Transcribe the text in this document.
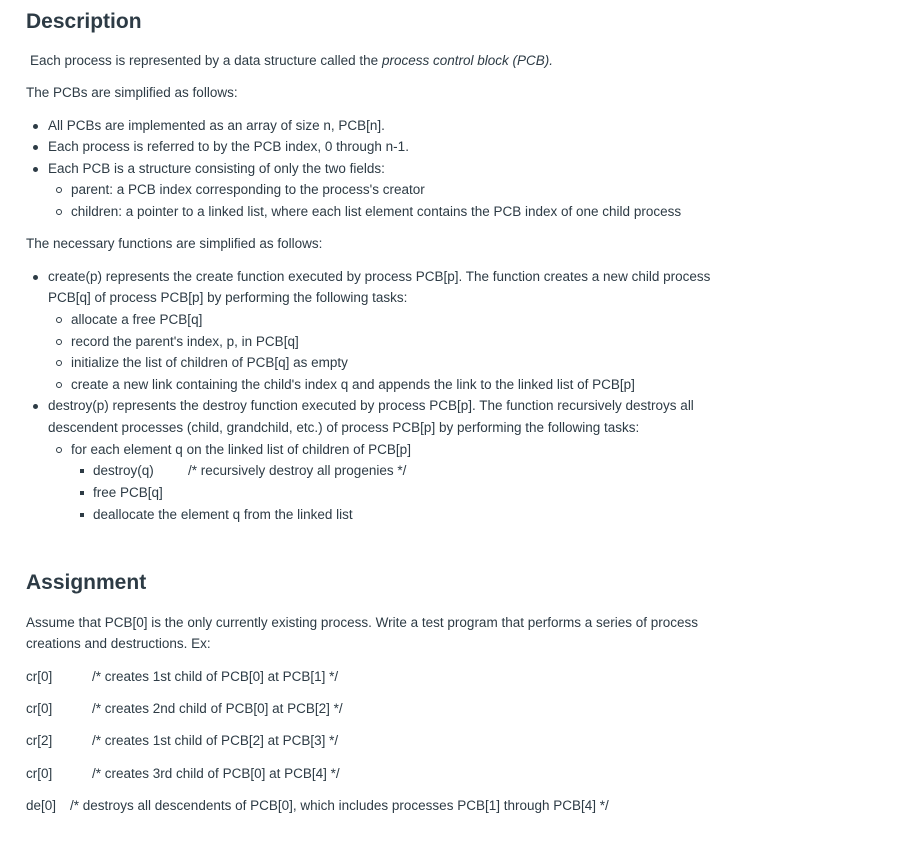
Description
Each process is represented by a data structure called the process control block (PCB).
The PCBs are simplified as follows:
All PCBs are implemented as an array of size n, PCB[n].
Each process is referred to by the PCB index, 0 through n-1.
Each PCB is a structure consisting of only the two fields:
parent: a PCB index corresponding to the process's creator
children: a pointer to a linked list, where each list element contains the PCB index of one child process
The necessary functions are simplified as follows:
create(p) represents the create function executed by process PCB[p]. The function creates a new child process
PCB[q] of process PCB[p] by performing the following tasks:
allocate a free PCB[q]
record the parent's index, p, in PCB[q]
initialize the list of children of PCB[q] as empty
create a new link containing the child's index q and appends the link to the linked list of PCB[p]
destroy(p) represents the destroy function executed by process PCB[p]. The function recursively destroys all
descendent processes (child, grandchild, etc.) of process PCB[p] by performing the following tasks:
for each element q on the linked list of children of PCB[p]
destroy(q)	/* recursively destroy all progenies */
free PCB[q]
deallocate the element q from the linked list
Assignment
Assume that PCB[0] is the only currently existing process. Write a test program that performs a series of process
creations and destructions. Ex:
cr[0]	/* creates 1st child of PCB[0] at PCB[1] */
cr[0]	/* creates 2nd child of PCB[0] at PCB[2] */
cr[2]	/* creates 1st child of PCB[2] at PCB[3] */
cr[0]	/* creates 3rd child of PCB[0] at PCB[4] */
de[0] /* destroys all descendents of PCB[0], which includes processes PCB[1] through PCB[4] */
